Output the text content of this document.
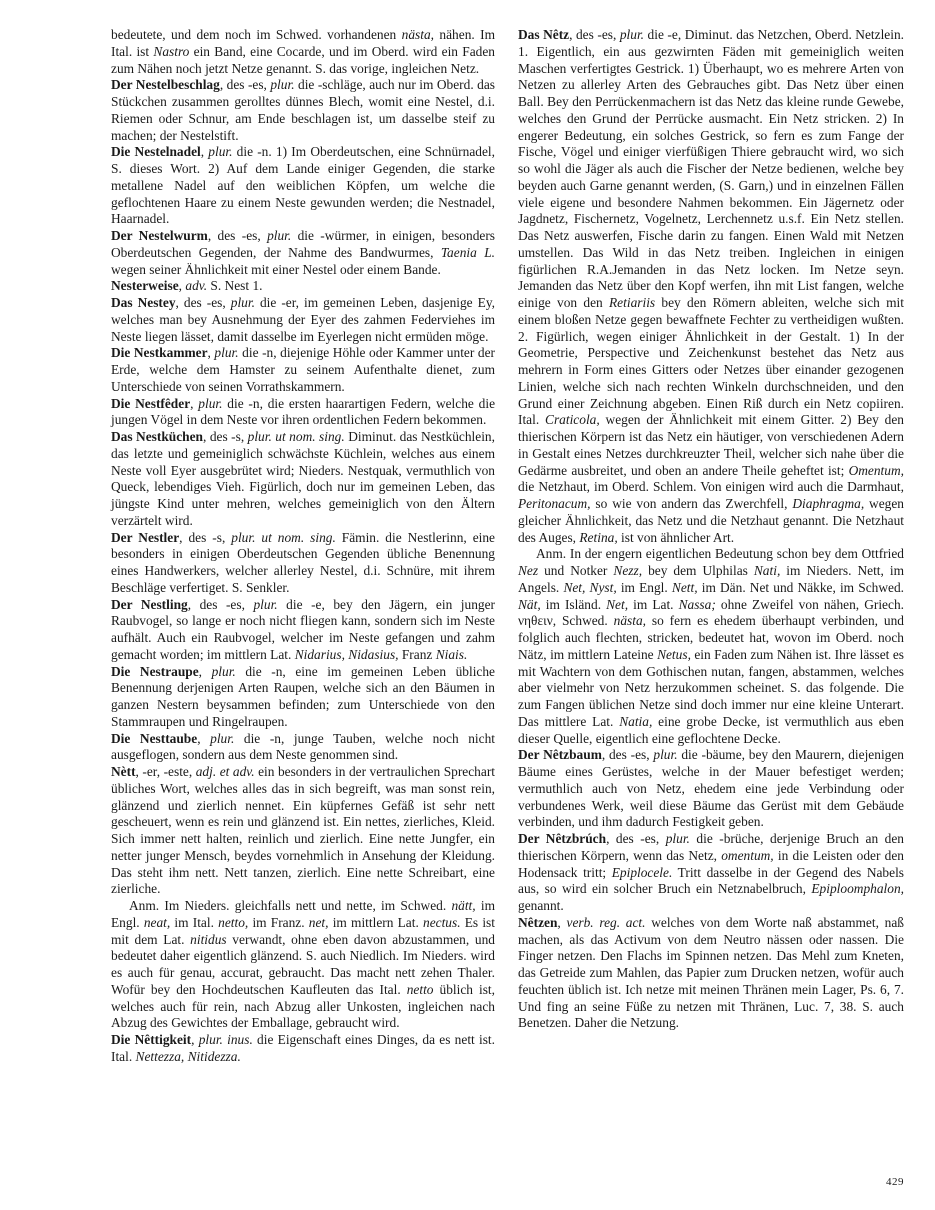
bedeutete, und dem noch im Schwed. vorhandenen nästa, nähen. Im Ital. ist Nastro ein Band, eine Cocarde, und im Oberd. wird ein Faden zum Nähen noch jetzt Netze genannt. S. das vorige, ingleichen Netz.

Der Nestelbeschlag, des -es, plur. die -schläge, auch nur im Oberd. das Stückchen zusammen gerolltes dünnes Blech, womit eine Nestel, d.i. Riemen oder Schnur, am Ende beschlagen ist, um dasselbe steif zu machen; der Nestelstift.

Die Nestelnadel, plur. die -n. 1) Im Oberdeutschen, eine Schnürnadel, S. dieses Wort. 2) Auf dem Lande einiger Gegenden, die starke metallene Nadel auf den weiblichen Köpfen, um welche die geflochtenen Haare zu einem Neste gewunden werden; die Nestnadel, Haarnadel.

Der Nestelwurm, des -es, plur. die -würmer, in einigen, besonders Oberdeutschen Gegenden, der Nahme des Bandwurmes, Taenia L. wegen seiner Ähnlichkeit mit einer Nestel oder einem Bande.

Nesterweise, adv. S. Nest 1.

Das Nestey, des -es, plur. die -er, im gemeinen Leben, dasjenige Ey, welches man bey Ausnehmung der Eyer des zahmen Federviehes im Neste liegen lässet, damit dasselbe im Eyerlegen nicht ermüden möge.

Die Nestkammer, plur. die -n, diejenige Höhle oder Kammer unter der Erde, welche dem Hamster zu seinem Aufenthalte dienet, zum Unterschiede von seinen Vorrathskammern.

Die Nestfêder, plur. die -n, die ersten haarartigen Federn, welche die jungen Vögel in dem Neste vor ihren ordentlichen Federn bekommen.

Das Nestküchen, des -s, plur. ut nom. sing. Diminut. das Nestküchlein, das letzte und gemeiniglich schwächste Küchlein, welches aus einem Neste voll Eyer ausgebrütet wird; Nieders. Nestquak, vermuthlich von Queck, lebendiges Vieh. Figürlich, doch nur im gemeinen Leben, das jüngste Kind unter mehren, welches gemeiniglich von den Ältern verzärtelt wird.

Der Nestler, des -s, plur. ut nom. sing. Fämin. die Nestlerinn, eine besonders in einigen Oberdeutschen Gegenden übliche Benennung eines Handwerkers, welcher allerley Nestel, d.i. Schnüre, mit ihrem Beschläge verfertiget. S. Senkler.

Der Nestling, des -es, plur. die -e, bey den Jägern, ein junger Raubvogel, so lange er noch nicht fliegen kann, sondern sich im Neste aufhält. Auch ein Raubvogel, welcher im Neste gefangen und zahm gemacht worden; im mittlern Lat. Nidarius, Nidasius, Franz Niais.

Die Nestraupe, plur. die -n, eine im gemeinen Leben übliche Benennung derjenigen Arten Raupen, welche sich an den Bäumen in ganzen Nestern beysammen befinden; zum Unterschiede von den Stammraupen und Ringelraupen.

Die Nesttaube, plur. die -n, junge Tauben, welche noch nicht ausgeflogen, sondern aus dem Neste genommen sind.

Nètt, -er, -este, adj. et adv. ein besonders in der vertraulichen Sprechart übliches Wort, welches alles das in sich begreift, was man sonst rein, glänzend und zierlich nennet. Ein küpfernes Gefäß ist sehr nett gescheuert, wenn es rein und glänzend ist. Ein nettes, zierliches, Kleid. Sich immer nett halten, reinlich und zierlich. Eine nette Jungfer, ein netter junger Mensch, beydes vornehmlich in Ansehung der Kleidung. Das steht ihm nett. Nett tanzen, zierlich. Eine nette Schreibart, eine zierliche.

Anm. Im Nieders. gleichfalls nett und nette, im Schwed. nätt, im Engl. neat, im Ital. netto, im Franz. net, im mittlern Lat. nectus. Es ist mit dem Lat. nitidus verwandt, ohne eben davon abzustammen, und bedeutet daher eigentlich glänzend. S. auch Niedlich. Im Nieders. wird es auch für genau, accurat, gebraucht. Das macht nett zehen Thaler. Wofür bey den Hochdeutschen Kaufleuten das Ital. netto üblich ist, welches auch für rein, nach Abzug aller Unkosten, ingleichen nach Abzug des Gewichtes der Emballage, gebraucht wird.

Die Nêttigkeit, plur. inus. die Eigenschaft eines Dinges, da es nett ist. Ital. Nettezza, Nitidezza.

Das Nêtz, des -es, plur. die -e, Diminut. das Netzchen, Oberd. Netzlein. 1. Eigentlich, ein aus gezwirnten Fäden mit gemeiniglich weiten Maschen verfertigtes Gestrick. 1) Überhaupt, wo es mehrere Arten von Netzen zu allerley Arten des Gebrauches gibt. Das Netz über einen Ball. Bey den Perrückenmachern ist das Netz das kleine runde Gewebe, welches den Grund der Perrücke ausmacht. Ein Netz stricken. 2) In engerer Bedeutung, ein solches Gestrick, so fern es zum Fange der Fische, Vögel und einiger vierfüßigen Thiere gebraucht wird, wo sich so wohl die Jäger als auch die Fischer der Netze bedienen, welche bey beyden auch Garne genannt werden, (S. Garn,) und in einzelnen Fällen viele eigene und besondere Nahmen bekommen. Ein Jägernetz oder Jagdnetz, Fischernetz, Vogelnetz, Lerchennetz u.s.f. Ein Netz stellen. Das Netz auswerfen, Fische darin zu fangen. Einen Wald mit Netzen umstellen. Das Wild in das Netz treiben. Ingleichen in einigen figürlichen R.A.Jemanden in das Netz locken. Im Netze seyn. Jemanden das Netz über den Kopf werfen, ihn mit List fangen, welche einige von den Retiariis bey den Römern ableiten, welche sich mit einem bloßen Netze gegen bewaffnete Fechter zu vertheidigen wußten. 2. Figürlich, wegen einiger Ähnlichkeit in der Gestalt. 1) In der Geometrie, Perspective und Zeichenkunst bestehet das Netz aus mehrern in Form eines Gitters oder Netzes über einander gezogenen Linien, welche sich nach rechten Winkeln durchschneiden, und den Grund einer Zeichnung abgeben. Einen Riß durch ein Netz copiiren. Ital. Craticola, wegen der Ähnlichkeit mit einem Gitter. 2) Bey den thierischen Körpern ist das Netz ein häutiger, von verschiedenen Adern in Gestalt eines Netzes durchkreuzter Theil, welcher sich nahe über die Gedärme ausbreitet, und oben an andere Theile geheftet ist; Omentum, die Netzhaut, im Oberd. Schlem. Von einigen wird auch die Darmhaut, Peritonacum, so wie von andern das Zwerchfell, Diaphragma, wegen gleicher Ähnlichkeit, das Netz und die Netzhaut genannt. Die Netzhaut des Auges, Retina, ist von ähnlicher Art.

Anm. In der engern eigentlichen Bedeutung schon bey dem Ottfried Nez und Notker Nezz, bey dem Ulphilas Nati, im Nieders. Nett, im Angels. Net, Nyst, im Engl. Nett, im Dän. Net und Näkke, im Schwed. Nät, im Isländ. Net, im Lat. Nassa; ohne Zweifel von nähen, Griech. νηθειν, Schwed. nästa, so fern es ehedem überhaupt verbinden, und folglich auch flechten, stricken, bedeutet hat, wovon im Oberd. noch Nätz, im mittlern Lateine Netus, ein Faden zum Nähen ist. Ihre lässet es mit Wachtern von dem Gothischen nutan, fangen, abstammen, welches aber vielmehr von Netz herzukommen scheinet. S. das folgende. Die zum Fangen üblichen Netze sind doch immer nur eine kleine Unterart. Das mittlere Lat. Natia, eine grobe Decke, ist vermuthlich aus eben dieser Quelle, eigentlich eine geflochtene Decke.

Der Nêtzbaum, des -es, plur. die -bäume, bey den Maurern, diejenigen Bäume eines Gerüstes, welche in der Mauer befestiget werden; vermuthlich auch von Netz, ehedem eine jede Verbindung oder verbundenes Werk, weil diese Bäume das Gerüst mit dem Gebäude verbinden, und ihm dadurch Festigkeit geben.

Der Nêtzbrúch, des -es, plur. die -brüche, derjenige Bruch an den thierischen Körpern, wenn das Netz, omentum, in die Leisten oder den Hodensack tritt; Epiplocele. Tritt dasselbe in der Gegend des Nabels aus, so wird ein solcher Bruch ein Netznabelbruch, Epiploomphalon, genannt.

Nêtzen, verb. reg. act. welches von dem Worte naß abstammet, naß machen, als das Activum von dem Neutro nässen oder nassen. Die Finger netzen. Den Flachs im Spinnen netzen. Das Mehl zum Kneten, das Getreide zum Mahlen, das Papier zum Drucken netzen, wofür auch feuchten üblich ist. Ich netze mit meinen Thränen mein Lager, Ps. 6, 7. Und fing an seine Füße zu netzen mit Thränen, Luc. 7, 38. S. auch Benetzen. Daher die Netzung.

429
